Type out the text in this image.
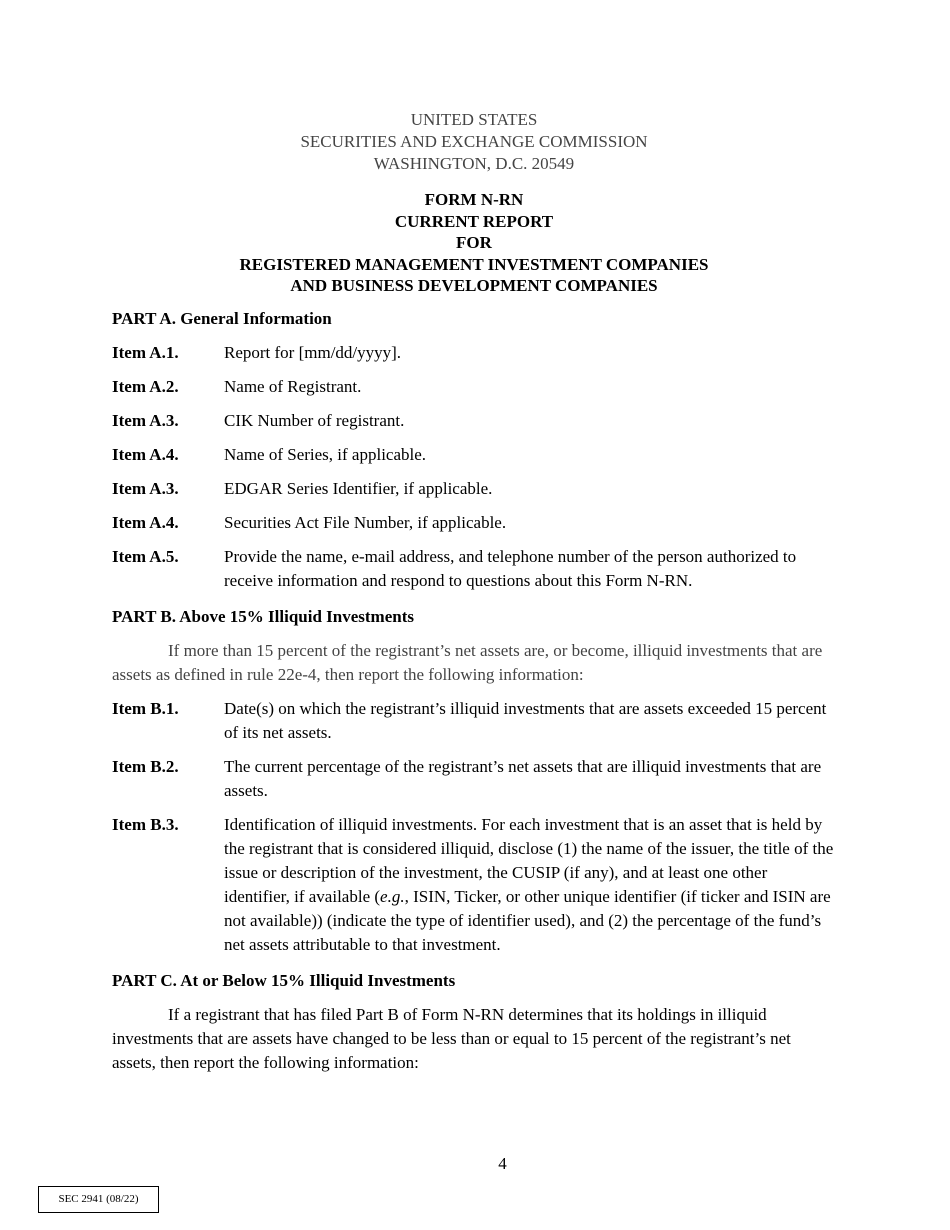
UNITED STATES
SECURITIES AND EXCHANGE COMMISSION
WASHINGTON, D.C. 20549
FORM N-RN
CURRENT REPORT
FOR
REGISTERED MANAGEMENT INVESTMENT COMPANIES
AND BUSINESS DEVELOPMENT COMPANIES
PART A. General Information
Item A.1.	Report for [mm/dd/yyyy].
Item A.2.	Name of Registrant.
Item A.3.	CIK Number of registrant.
Item A.4.	Name of Series, if applicable.
Item A.3.	EDGAR Series Identifier, if applicable.
Item A.4.	Securities Act File Number, if applicable.
Item A.5.	Provide the name, e-mail address, and telephone number of the person authorized to receive information and respond to questions about this Form N-RN.
PART B. Above 15% Illiquid Investments
If more than 15 percent of the registrant’s net assets are, or become, illiquid investments that are assets as defined in rule 22e-4, then report the following information:
Item B.1.	Date(s) on which the registrant’s illiquid investments that are assets exceeded 15 percent of its net assets.
Item B.2.	The current percentage of the registrant’s net assets that are illiquid investments that are assets.
Item B.3.	Identification of illiquid investments. For each investment that is an asset that is held by the registrant that is considered illiquid, disclose (1) the name of the issuer, the title of the issue or description of the investment, the CUSIP (if any), and at least one other identifier, if available (e.g., ISIN, Ticker, or other unique identifier (if ticker and ISIN are not available)) (indicate the type of identifier used), and (2) the percentage of the fund’s net assets attributable to that investment.
PART C. At or Below 15% Illiquid Investments
If a registrant that has filed Part B of Form N-RN determines that its holdings in illiquid investments that are assets have changed to be less than or equal to 15 percent of the registrant’s net assets, then report the following information:
4
SEC 2941 (08/22)
